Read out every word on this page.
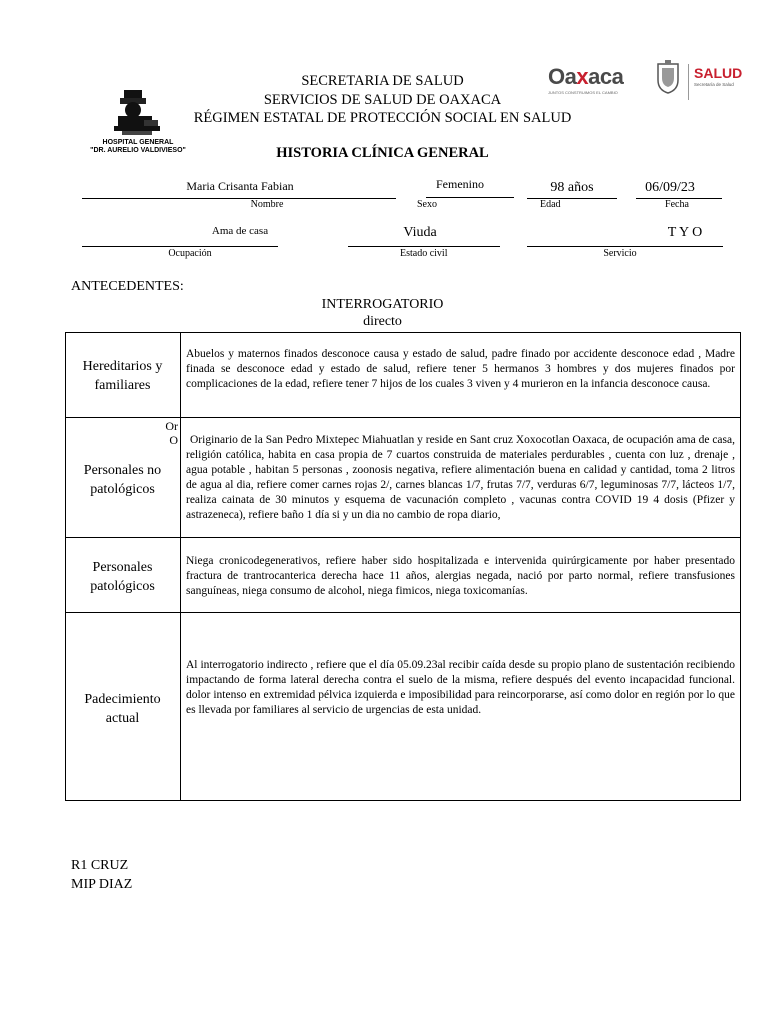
HOSPITAL GENERAL
"DR. AURELIO VALDIVIESO"
SECRETARIA DE SALUD
SERVICIOS DE SALUD DE OAXACA
RÉGIMEN ESTATAL DE PROTECCIÓN SOCIAL EN SALUD
HISTORIA CLÍNICA GENERAL
Oaxaca
JUNTOS CONSTRUIMOS EL CAMBIO
SALUD
Secretaría de Salud
Maria Crisanta Fabian
Nombre
Femenino
Sexo
98 años
Edad
06/09/23
Fecha
Ama de casa
Ocupación
Viuda
Estado civil
T Y O
Servicio
ANTECEDENTES:
INTERROGATORIO
directo
Hereditarios y familiares
Abuelos y maternos finados desconoce causa y estado de salud, padre finado por accidente desconoce edad , Madre finada se desconoce edad y estado de salud, refiere tener 5 hermanos 3 hombres y dos mujeres finados por complicaciones de la edad, refiere tener 7 hijos de los cuales 3 viven y 4 murieron en la infancia desconoce causa.
Or
O
Personales no patológicos
Originario de la San Pedro Mixtepec Miahuatlan y reside en Sant cruz Xoxocotlan Oaxaca, de ocupación ama de casa, religión católica, habita en casa propia de 7 cuartos construida de materiales perdurables , cuenta con luz , drenaje , agua potable , habitan 5 personas , zoonosis negativa, refiere alimentación buena en calidad y cantidad, toma 2 litros de agua al dia, refiere comer carnes rojas 2/, carnes blancas 1/7, frutas 7/7, verduras 6/7, leguminosas 7/7, lácteos 1/7, realiza cainata de 30 minutos y esquema de vacunación completo , vacunas contra COVID 19 4 dosis (Pfizer y astrazeneca), refiere baño 1 día si y un dia no cambio de ropa diario,
Personales patológicos
Niega cronicodegenerativos, refiere haber sido hospitalizada e intervenida quirúrgicamente por haber presentado fractura de trantrocanterica derecha hace 11 años, alergias negada, nació por parto normal, refiere transfusiones sanguíneas, niega consumo de alcohol, niega fimicos, niega toxicomanías.
Padecimiento actual
Al interrogatorio indirecto , refiere que el día 05.09.23al recibir caída desde su propio plano de sustentación recibiendo impactando de forma lateral derecha contra el suelo de la misma, refiere después del evento incapacidad funcional. dolor intenso en extremidad pélvica izquierda e imposibilidad para reincorporarse, así como dolor en región por lo que es llevada por familiares al servicio de urgencias de esta unidad.
R1 CRUZ
MIP DIAZ
